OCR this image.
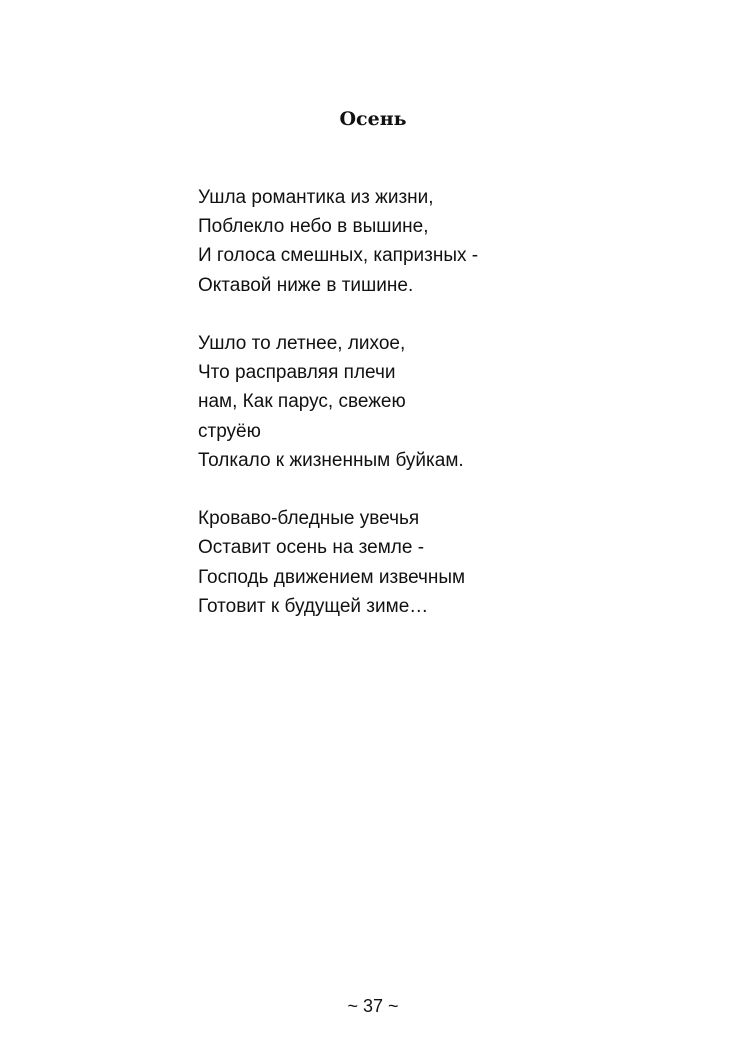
Осень
Ушла романтика из жизни,
Поблекло небо в вышине,
И голоса смешных, капризных -
Октавой ниже в тишине.
Ушло то летнее, лихое,
Что расправляя плечи
нам, Как парус, свежею
струёю
Толкало к жизненным буйкам.
Кроваво-бледные увечья
Оставит осень на земле -
Господь движением извечным
Готовит к будущей зиме…
~ 37 ~
